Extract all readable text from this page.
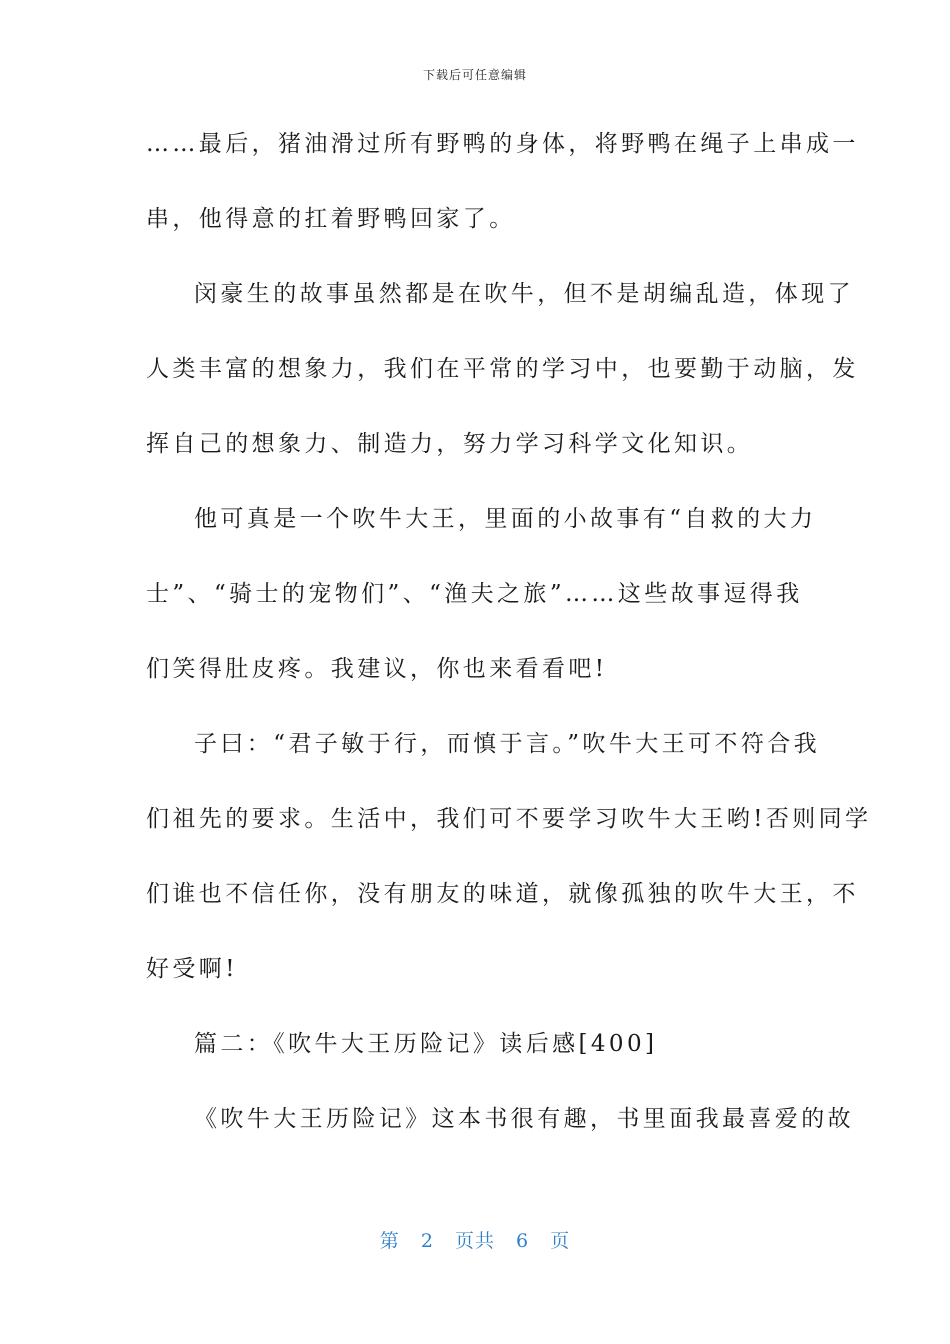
下载后可任意编辑
……最后，猪油滑过所有野鸭的身体，将野鸭在绳子上串成一
串，他得意的扛着野鸭回家了。
闵豪生的故事虽然都是在吹牛，但不是胡编乱造，体现了
人类丰富的想象力，我们在平常的学习中，也要勤于动脑，发
挥自己的想象力、制造力，努力学习科学文化知识。
他可真是一个吹牛大王，里面的小故事有“自救的大力
士”、“骑士的宠物们”、“渔夫之旅”……这些故事逗得我
们笑得肚皮疼。我建议，你也来看看吧!
子曰：“君子敏于行，而慎于言。”吹牛大王可不符合我
们祖先的要求。生活中，我们可不要学习吹牛大王哟!否则同学
们谁也不信任你，没有朋友的味道，就像孤独的吹牛大王，不
好受啊!
篇二：《吹牛大王历险记》读后感[400]
《吹牛大王历险记》这本书很有趣，书里面我最喜爱的故
第 2 页共 6 页
